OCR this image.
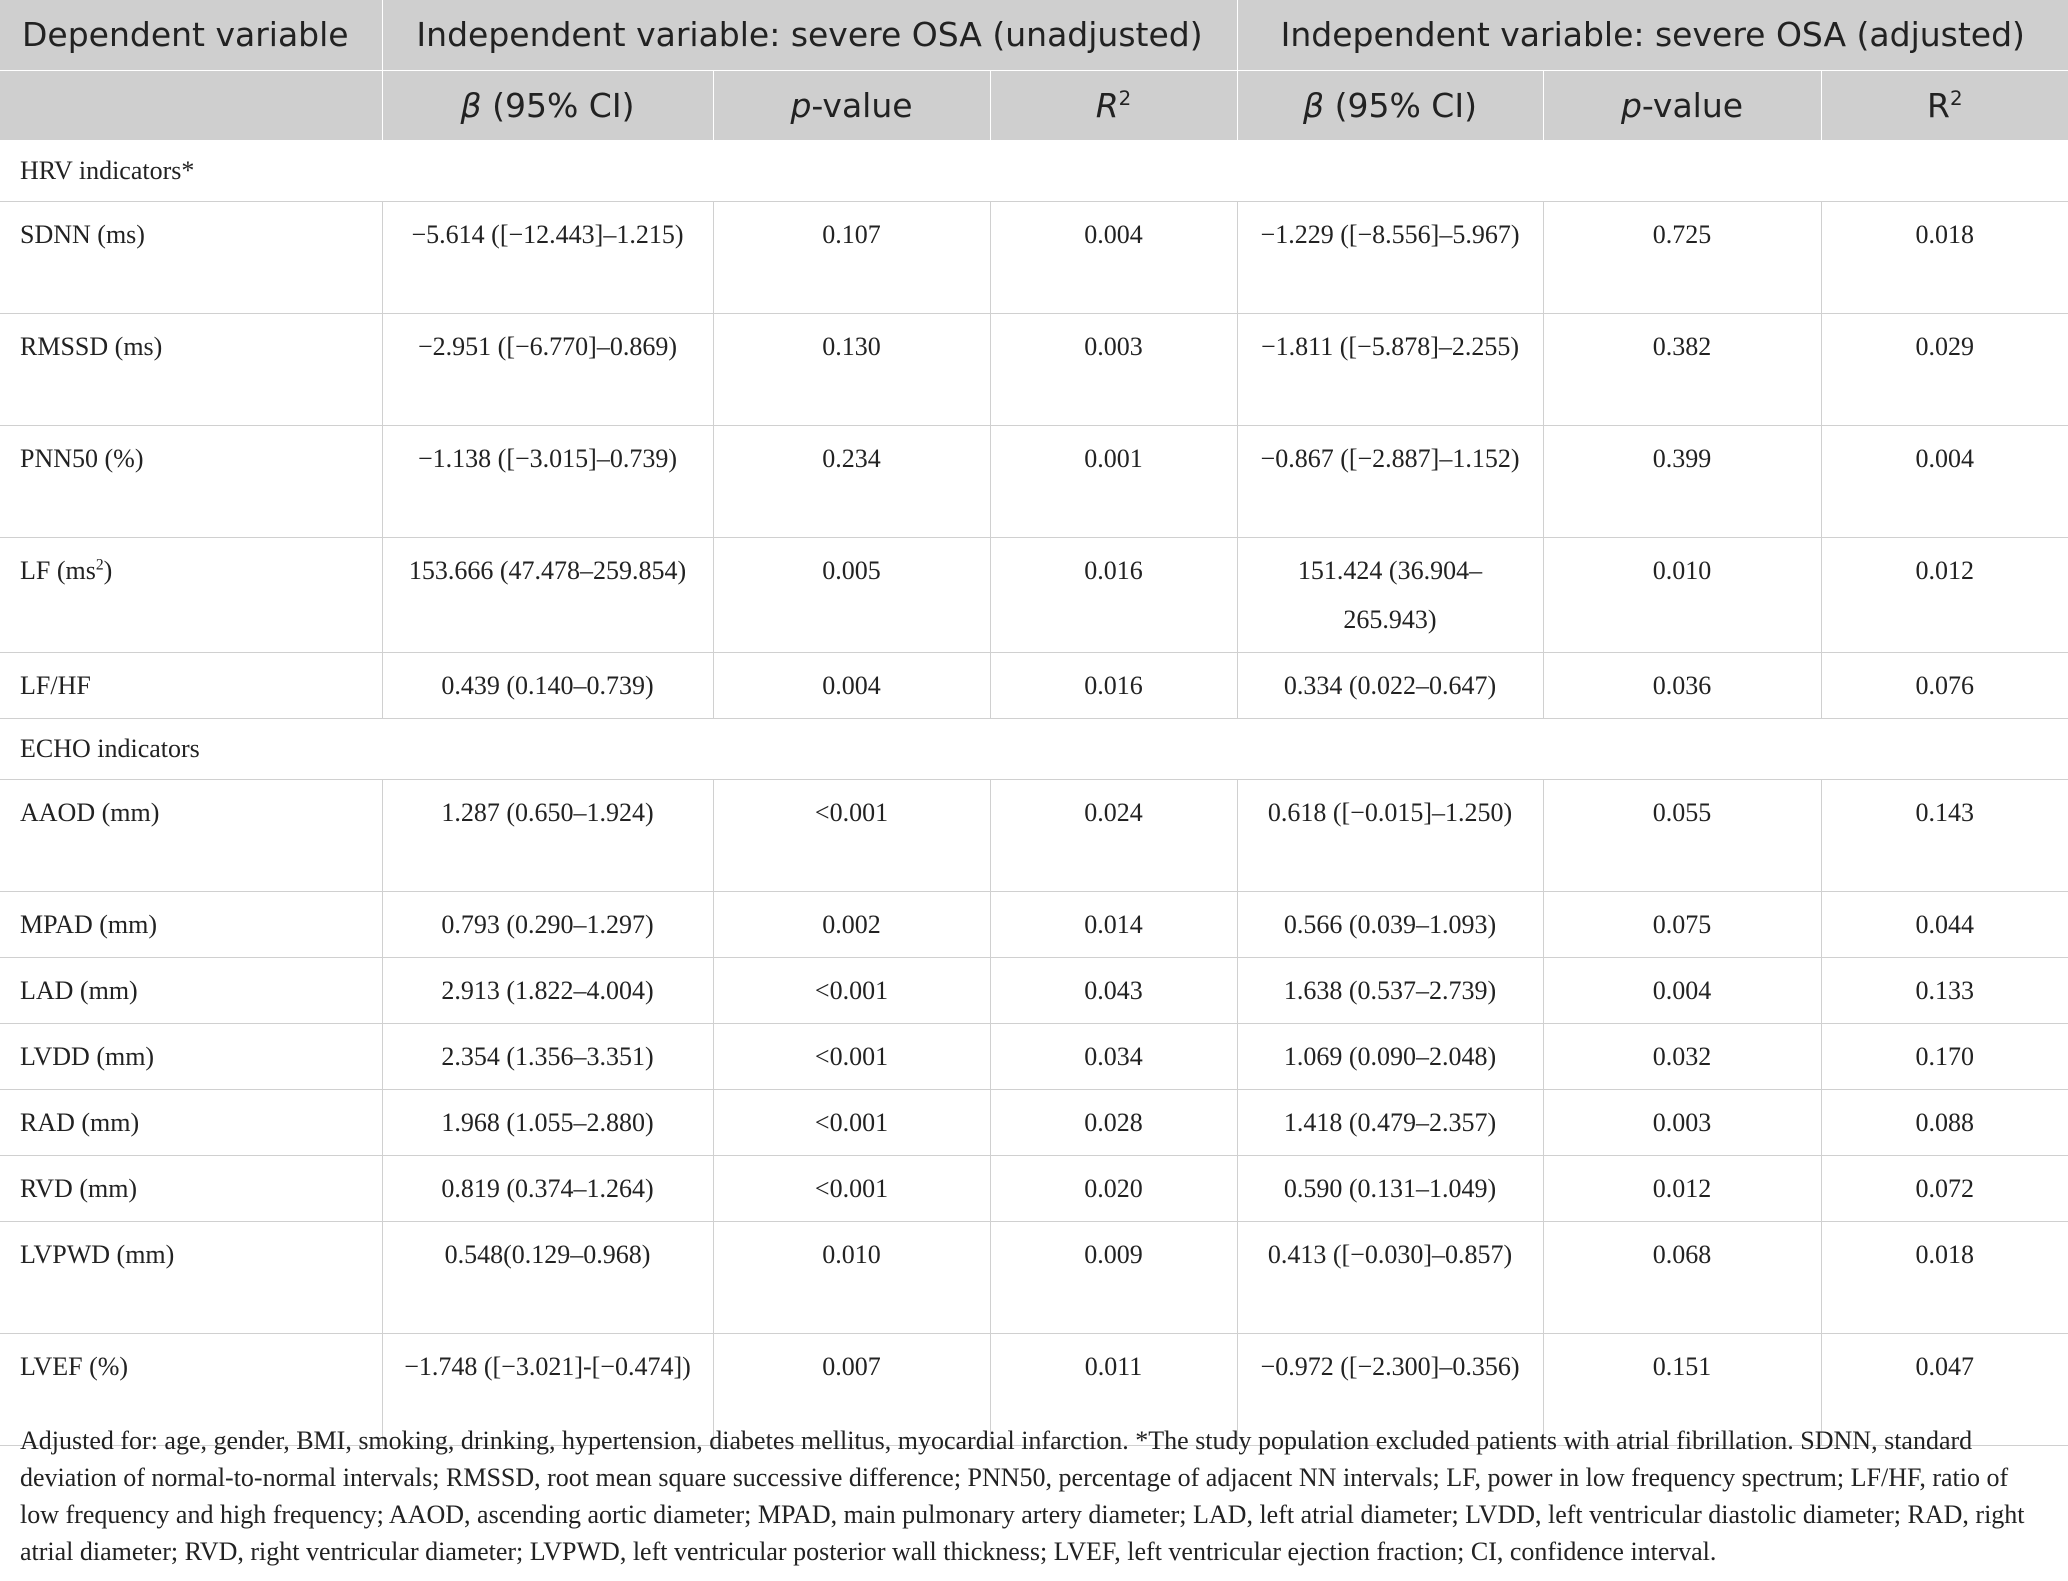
Dependent variable	Independent variable: severe OSA (unadjusted)			Independent variable: severe OSA (adjusted)		
	β (95% CI)	p-value	$R^2$	β (95% CI)	p-value	$R^2$
HRV indicators*						
SDNN (ms)	−5.614 ([−12.443]–1.215)	0.107	0.004	−1.229 ([−8.556]–5.967)	0.725	0.018
RMSSD (ms)	−2.951 ([−6.770]–0.869)	0.130	0.003	−1.811 ([−5.878]–2.255)	0.382	0.029
PNN50 (%)	−1.138 ([−3.015]–0.739)	0.234	0.001	−0.867 ([−2.887]–1.152)	0.399	0.004
LF $(ms^2)$	153.666 (47.478–259.854)	0.005	0.016	151.424 (36.904–265.943)	0.010	0.012
LF/HF	0.439 (0.140–0.739)	0.004	0.016	0.334 (0.022–0.647)	0.036	0.076
ECHO indicators						
AAOD (mm)	1.287 (0.650–1.924)	<0.001	0.024	0.618 ([−0.015]–1.250)	0.055	0.143
MPAD (mm)	0.793 (0.290–1.297)	0.002	0.014	0.566 (0.039–1.093)	0.075	0.044
LAD (mm)	2.913 (1.822–4.004)	<0.001	0.043	1.638 (0.537–2.739)	0.004	0.133
LVDD (mm)	2.354 (1.356–3.351)	<0.001	0.034	1.069 (0.090–2.048)	0.032	0.170
RAD (mm)	1.968 (1.055–2.880)	<0.001	0.028	1.418 (0.479–2.357)	0.003	0.088
RVD (mm)	0.819 (0.374–1.264)	<0.001	0.020	0.590 (0.131–1.049)	0.012	0.072
LVPWD (mm)	0.548(0.129–0.968)	0.010	0.009	0.413 ([−0.030]–0.857)	0.068	0.018
LVEF (%)	−1.748 ([−3.021]-[−0.474])	0.007	0.011	−0.972 ([−2.300]–0.356)	0.151	0.047
Adjusted for: age, gender, BMI, smoking, drinking, hypertension, diabetes mellitus, myocardial infarction. *The study population excluded patients with atrial fibrillation. SDNN, standard deviation of normal-to-normal intervals; RMSSD, root mean square successive difference; PNN50, percentage of adjacent NN intervals; LF, power in low frequency spectrum; LF/HF, ratio of low frequency and high frequency; AAOD, ascending aortic diameter; MPAD, main pulmonary artery diameter; LAD, left atrial diameter; LVDD, left ventricular diastolic diameter; RAD, right atrial diameter; RVD, right ventricular diameter; LVPWD, left ventricular posterior wall thickness; LVEF, left ventricular ejection fraction; CI, confidence interval.
